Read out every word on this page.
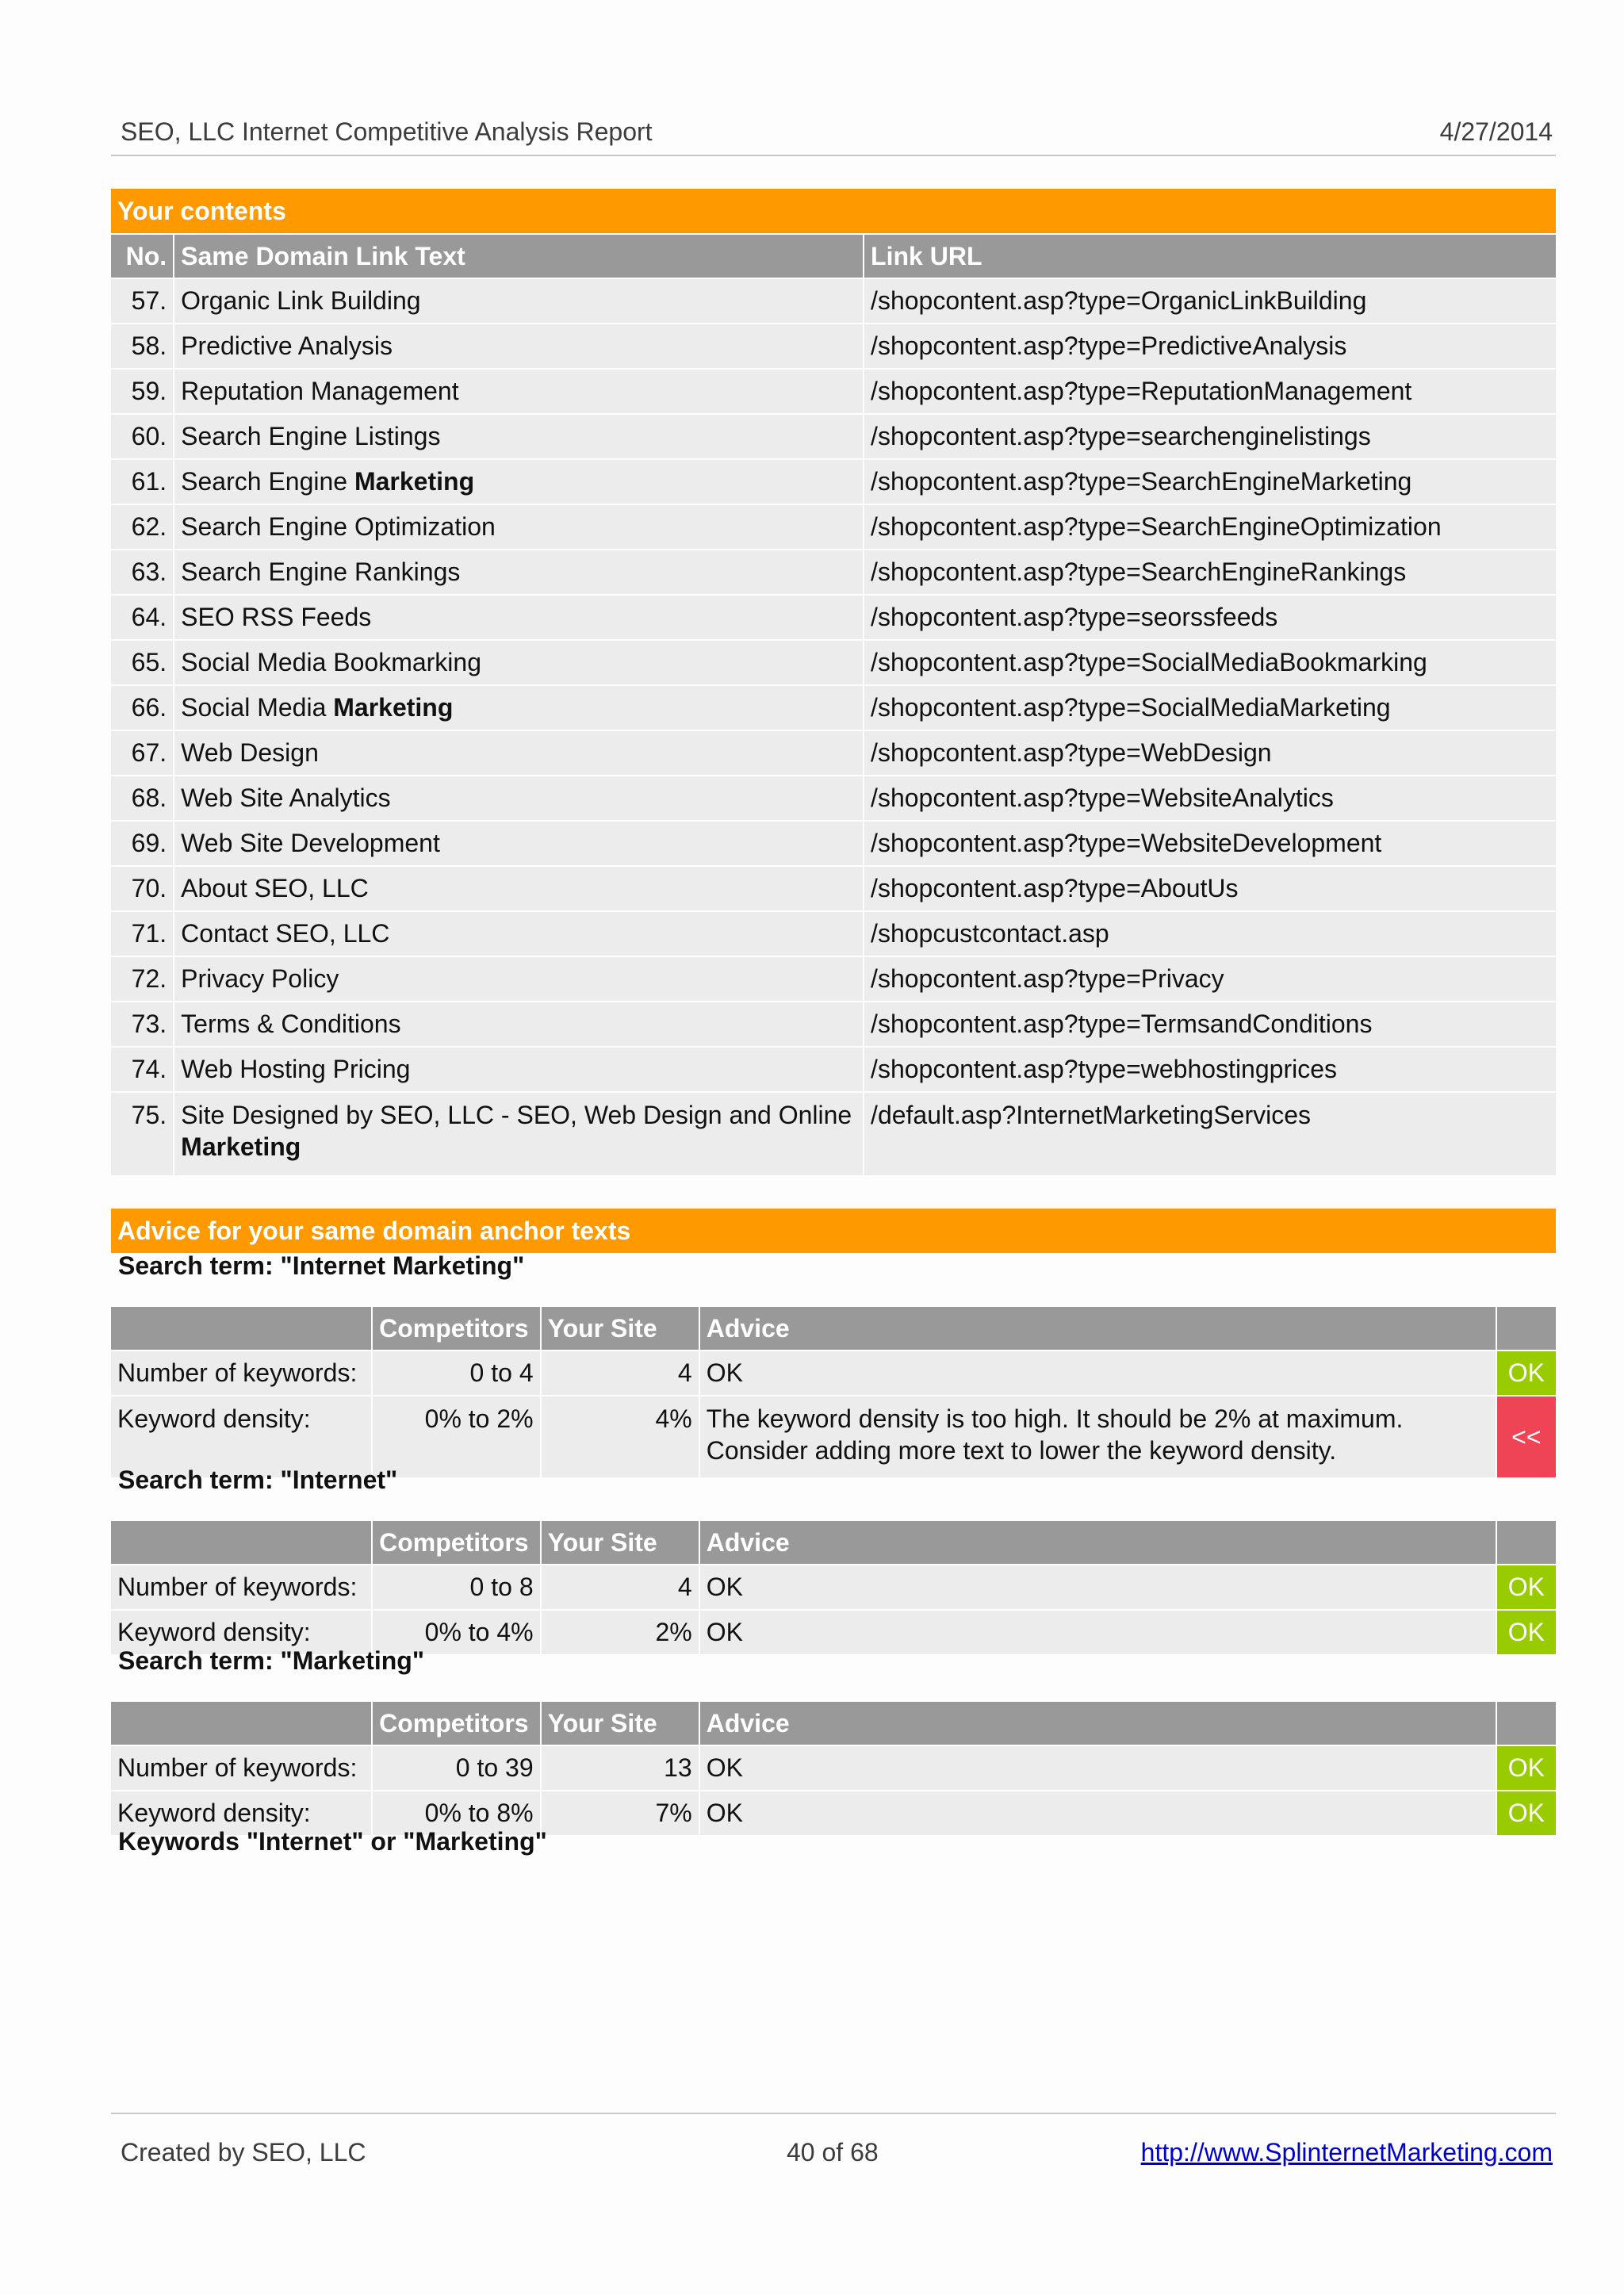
SEO, LLC Internet Competitive Analysis Report	4/27/2014
Your contents		
No.	Same Domain Link Text	Link URL
57.	Organic Link Building	/shopcontent.asp?type=OrganicLinkBuilding
58.	Predictive Analysis	/shopcontent.asp?type=PredictiveAnalysis
59.	Reputation Management	/shopcontent.asp?type=ReputationManagement
60.	Search Engine Listings	/shopcontent.asp?type=searchenginelistings
61.	Search Engine Marketing	/shopcontent.asp?type=SearchEngineMarketing
62.	Search Engine Optimization	/shopcontent.asp?type=SearchEngineOptimization
63.	Search Engine Rankings	/shopcontent.asp?type=SearchEngineRankings
64.	SEO RSS Feeds	/shopcontent.asp?type=seorssfeeds
65.	Social Media Bookmarking	/shopcontent.asp?type=SocialMediaBookmarking
66.	Social Media Marketing	/shopcontent.asp?type=SocialMediaMarketing
67.	Web Design	/shopcontent.asp?type=WebDesign
68.	Web Site Analytics	/shopcontent.asp?type=WebsiteAnalytics
69.	Web Site Development	/shopcontent.asp?type=WebsiteDevelopment
70.	About SEO, LLC	/shopcontent.asp?type=AboutUs
71.	Contact SEO, LLC	/shopcustcontact.asp
72.	Privacy Policy	/shopcontent.asp?type=Privacy
73.	Terms & Conditions	/shopcontent.asp?type=TermsandConditions
74.	Web Hosting Pricing	/shopcontent.asp?type=webhostingprices
75.	Site Designed by SEO, LLC - SEO, Web Design and Online Marketing	/default.asp?InternetMarketingServices
Advice for your same domain anchor texts
Search term: "Internet Marketing"
	Competitors	Your Site	Advice	
Number of keywords:	0 to 4	4	OK	OK
Keyword density:	0% to 2%	4%	The keyword density is too high. It should be 2% at maximum. Consider adding more text to lower the keyword density.	<<
Search term: "Internet"
	Competitors	Your Site	Advice	
Number of keywords:	0 to 8	4	OK	OK
Keyword density:	0% to 4%	2%	OK	OK
Search term: "Marketing"
	Competitors	Your Site	Advice	
Number of keywords:	0 to 39	13	OK	OK
Keyword density:	0% to 8%	7%	OK	OK
Keywords "Internet" or "Marketing"
Created by SEO, LLC	40 of 68	http://www.SplinternetMarketing.com
